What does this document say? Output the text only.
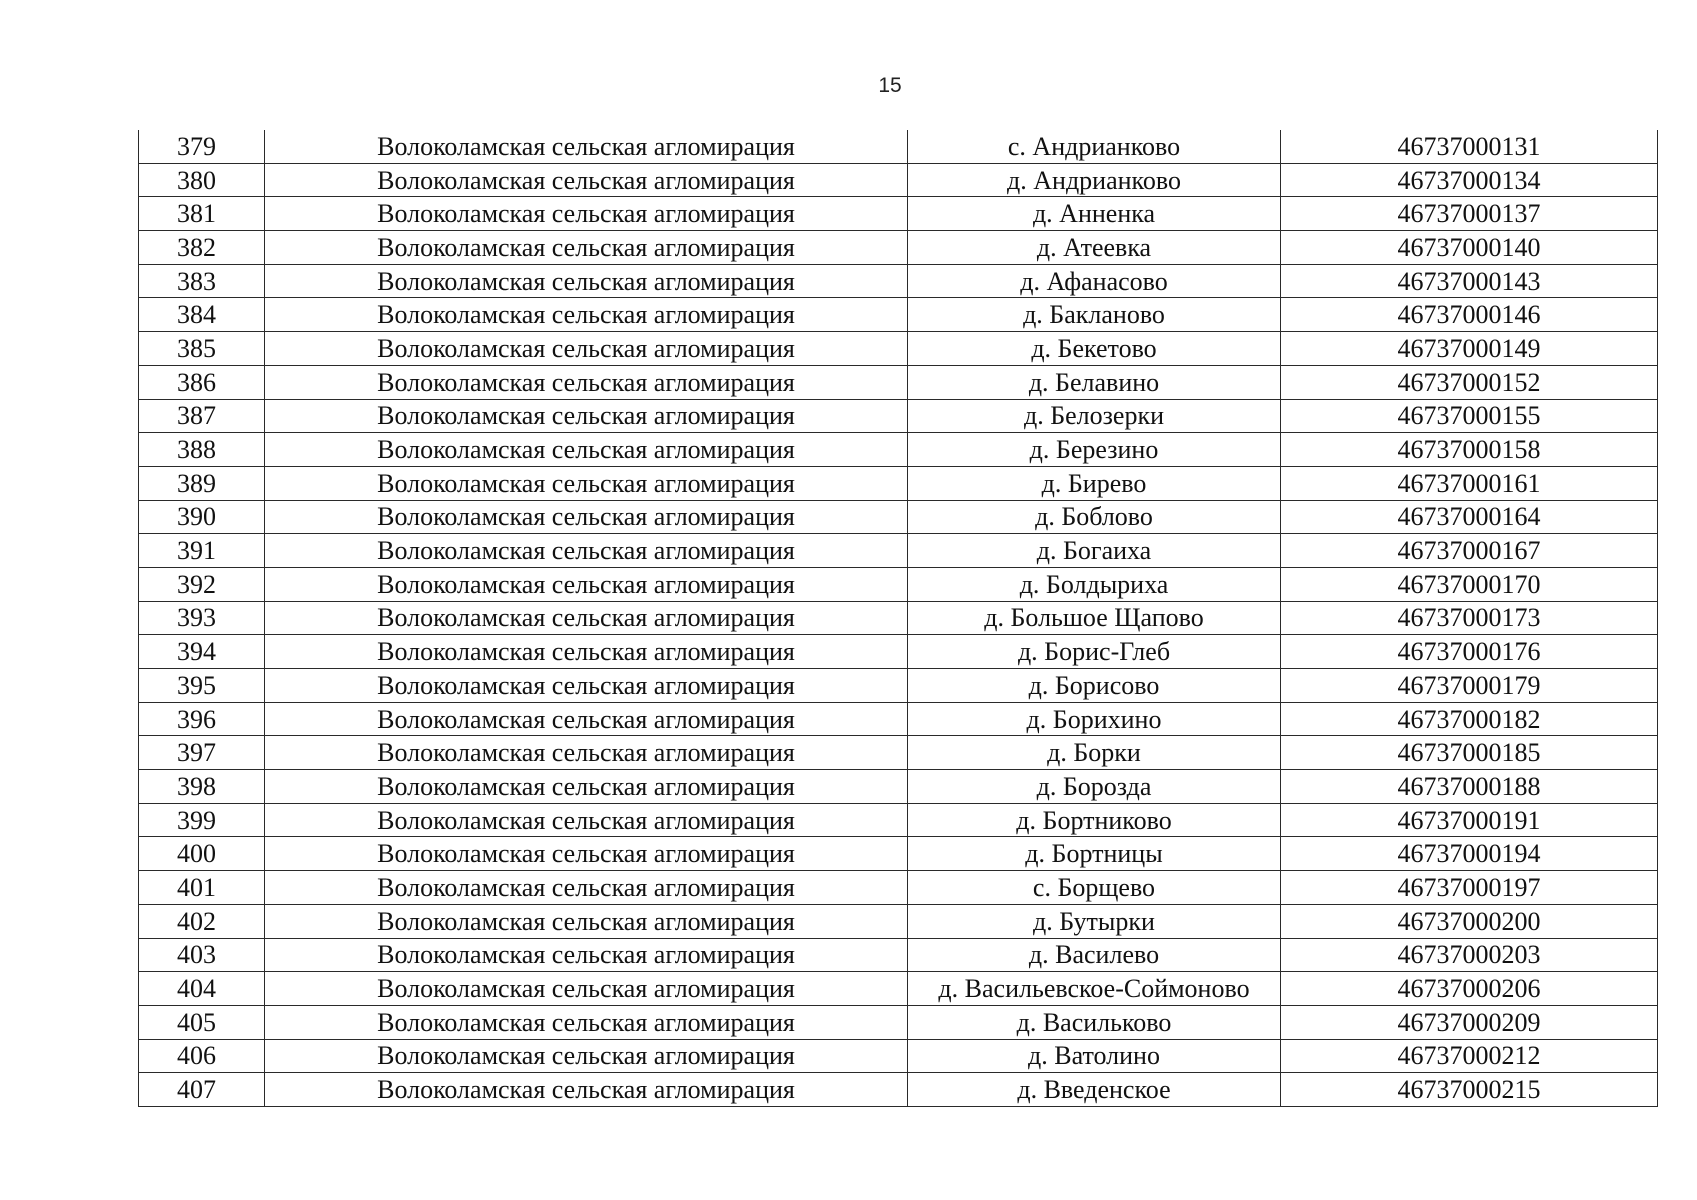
15
379	Волоколамская сельская агломирация	с. Андрианково	46737000131
380	Волоколамская сельская агломирация	д. Андрианково	46737000134
381	Волоколамская сельская агломирация	д. Анненка	46737000137
382	Волоколамская сельская агломирация	д. Атеевка	46737000140
383	Волоколамская сельская агломирация	д. Афанасово	46737000143
384	Волоколамская сельская агломирация	д. Бакланово	46737000146
385	Волоколамская сельская агломирация	д. Бекетово	46737000149
386	Волоколамская сельская агломирация	д. Белавино	46737000152
387	Волоколамская сельская агломирация	д. Белозерки	46737000155
388	Волоколамская сельская агломирация	д. Березино	46737000158
389	Волоколамская сельская агломирация	д. Бирево	46737000161
390	Волоколамская сельская агломирация	д. Боблово	46737000164
391	Волоколамская сельская агломирация	д. Богаиха	46737000167
392	Волоколамская сельская агломирация	д. Болдыриха	46737000170
393	Волоколамская сельская агломирация	д. Большое Щапово	46737000173
394	Волоколамская сельская агломирация	д. Борис-Глеб	46737000176
395	Волоколамская сельская агломирация	д. Борисово	46737000179
396	Волоколамская сельская агломирация	д. Борихино	46737000182
397	Волоколамская сельская агломирация	д. Борки	46737000185
398	Волоколамская сельская агломирация	д. Борозда	46737000188
399	Волоколамская сельская агломирация	д. Бортниково	46737000191
400	Волоколамская сельская агломирация	д. Бортницы	46737000194
401	Волоколамская сельская агломирация	с. Борщево	46737000197
402	Волоколамская сельская агломирация	д. Бутырки	46737000200
403	Волоколамская сельская агломирация	д. Василево	46737000203
404	Волоколамская сельская агломирация	д. Васильевское-Соймоново	46737000206
405	Волоколамская сельская агломирация	д. Васильково	46737000209
406	Волоколамская сельская агломирация	д. Ватолино	46737000212
407	Волоколамская сельская агломирация	д. Введенское	46737000215
